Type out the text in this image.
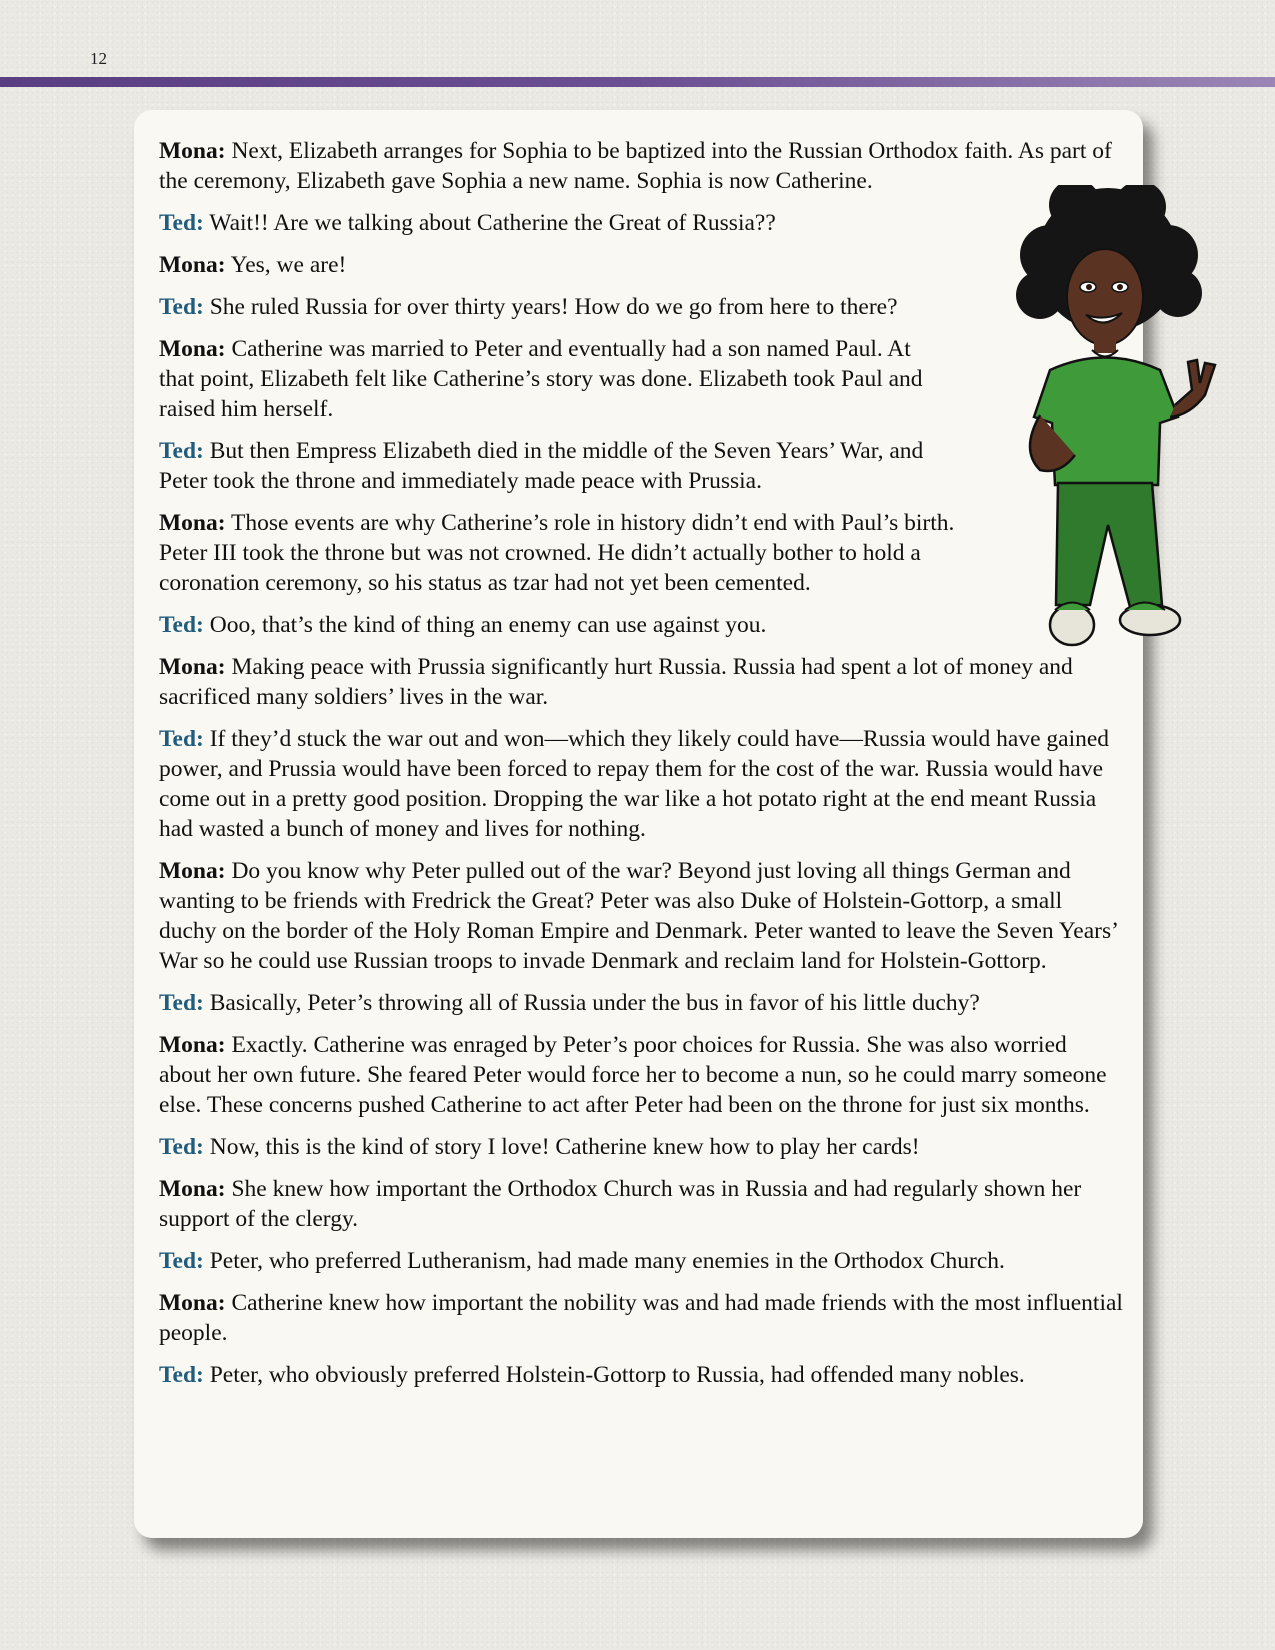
12

Mona: Next, Elizabeth arranges for Sophia to be baptized into the Russian Orthodox faith. As part of the ceremony, Elizabeth gave Sophia a new name. Sophia is now Catherine.

Ted: Wait!! Are we talking about Catherine the Great of Russia??

Mona: Yes, we are!

Ted: She ruled Russia for over thirty years! How do we go from here to there?

Mona: Catherine was married to Peter and eventually had a son named Paul. At that point, Elizabeth felt like Catherine’s story was done. Elizabeth took Paul and raised him herself.

Ted: But then Empress Elizabeth died in the middle of the Seven Years’ War, and Peter took the throne and immediately made peace with Prussia.

Mona: Those events are why Catherine’s role in history didn’t end with Paul’s birth. Peter III took the throne but was not crowned. He didn’t actually bother to hold a coronation ceremony, so his status as tzar had not yet been cemented.

Ted: Ooo, that’s the kind of thing an enemy can use against you.

Mona: Making peace with Prussia significantly hurt Russia. Russia had spent a lot of money and sacrificed many soldiers’ lives in the war.

Ted: If they’d stuck the war out and won—which they likely could have—Russia would have gained power, and Prussia would have been forced to repay them for the cost of the war. Russia would have come out in a pretty good position. Dropping the war like a hot potato right at the end meant Russia had wasted a bunch of money and lives for nothing.

Mona: Do you know why Peter pulled out of the war? Beyond just loving all things German and wanting to be friends with Fredrick the Great? Peter was also Duke of Holstein-Gottorp, a small duchy on the border of the Holy Roman Empire and Denmark. Peter wanted to leave the Seven Years’ War so he could use Russian troops to invade Denmark and reclaim land for Holstein-Gottorp.

Ted: Basically, Peter’s throwing all of Russia under the bus in favor of his little duchy?

Mona: Exactly. Catherine was enraged by Peter’s poor choices for Russia. She was also worried about her own future. She feared Peter would force her to become a nun, so he could marry someone else. These concerns pushed Catherine to act after Peter had been on the throne for just six months.

Ted: Now, this is the kind of story I love! Catherine knew how to play her cards!

Mona: She knew how important the Orthodox Church was in Russia and had regularly shown her support of the clergy.

Ted: Peter, who preferred Lutheranism, had made many enemies in the Orthodox Church.

Mona: Catherine knew how important the nobility was and had made friends with the most influential people.

Ted: Peter, who obviously preferred Holstein-Gottorp to Russia, had offended many nobles.
